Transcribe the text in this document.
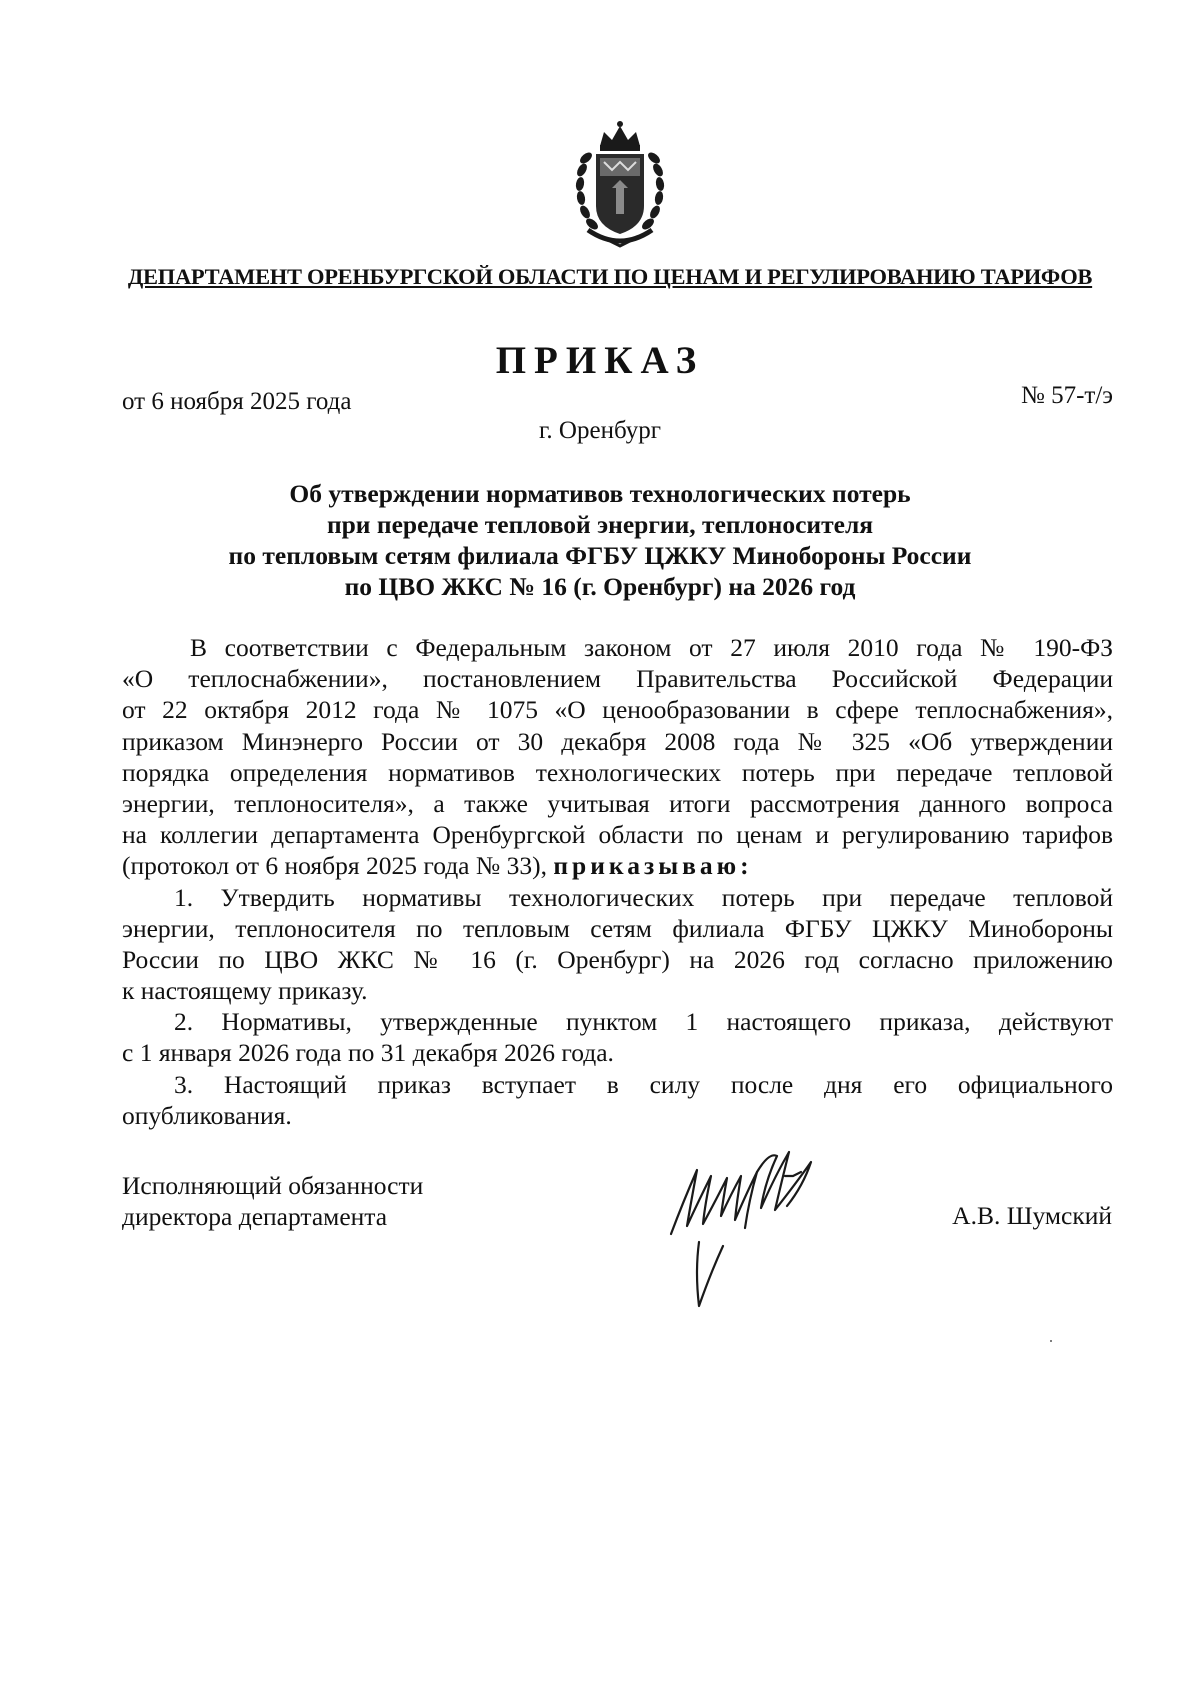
ДЕПАРТАМЕНТ ОРЕНБУРГСКОЙ ОБЛАСТИ ПО ЦЕНАМ И РЕГУЛИРОВАНИЮ ТАРИФОВ
ПРИКАЗ
от 6 ноября 2025 года	№ 57-т/э
г. Оренбург
Об утверждении нормативов технологических потерь
при передаче тепловой энергии, теплоносителя
по тепловым сетям филиала ФГБУ ЦЖКУ Минобороны России
по ЦВО ЖКС № 16 (г. Оренбург) на 2026 год
В соответствии с Федеральным законом от 27 июля 2010 года № 190-ФЗ
«О теплоснабжении», постановлением Правительства Российской Федерации
от 22 октября 2012 года № 1075 «О ценообразовании в сфере теплоснабжения»,
приказом Минэнерго России от 30 декабря 2008 года № 325 «Об утверждении
порядка определения нормативов технологических потерь при передаче тепловой
энергии, теплоносителя», а также учитывая итоги рассмотрения данного вопроса
на коллегии департамента Оренбургской области по ценам и регулированию тарифов
(протокол от 6 ноября 2025 года № 33), приказываю:
1. Утвердить нормативы технологических потерь при передаче тепловой
энергии, теплоносителя по тепловым сетям филиала ФГБУ ЦЖКУ Минобороны
России по ЦВО ЖКС № 16 (г. Оренбург) на 2026 год согласно приложению
к настоящему приказу.
2. Нормативы, утвержденные пунктом 1 настоящего приказа, действуют
с 1 января 2026 года по 31 декабря 2026 года.
3. Настоящий приказ вступает в силу после дня его официального
опубликования.
Исполняющий обязанности
директора департамента	А.В. Шумский
